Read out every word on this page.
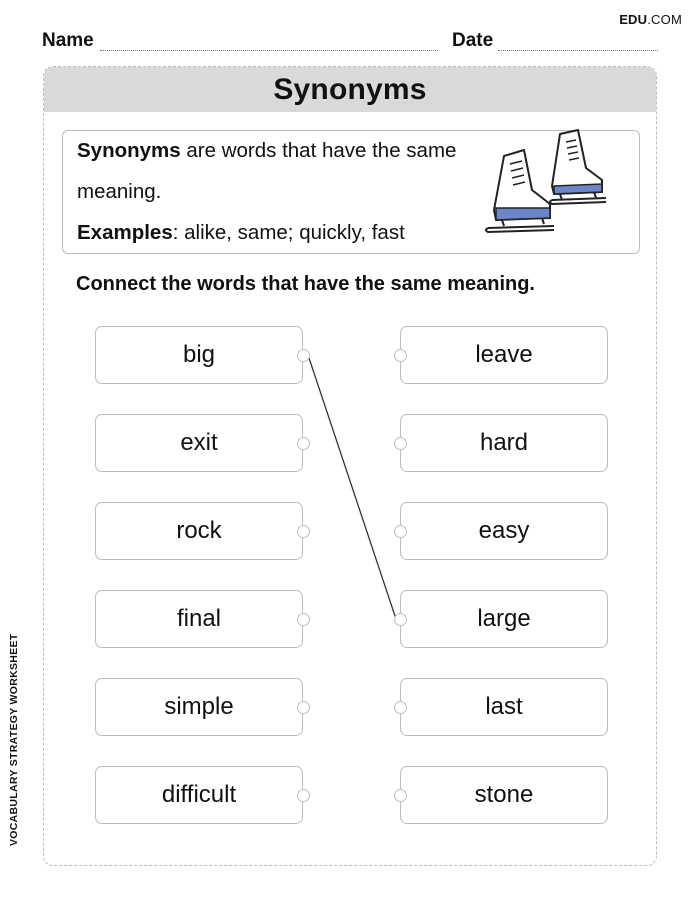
EDU.COM
Name	Date
Synonyms
Synonyms are words that have the same
meaning.
Examples: alike, same; quickly, fast
Connect the words that have the same meaning.
big
exit
rock
final
simple
difficult
leave
hard
easy
large
last
stone
VOCABULARY STRATEGY WORKSHEET
